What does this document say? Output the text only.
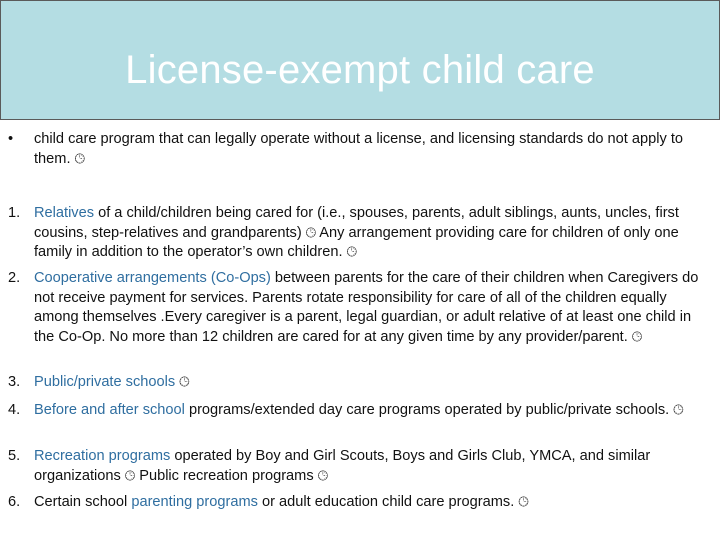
License-exempt child care
• child care program that can legally operate without a license, and licensing standards do not apply to them. 🕒︎
1. Relatives of a child/children being cared for (i.e., spouses, parents, adult siblings, aunts, uncles, first cousins, step-relatives and grandparents) 🕒︎ Any arrangement providing care for children of only one family in addition to the operator’s own children. 🕒︎
2. Cooperative arrangements (Co-Ops) between parents for the care of their children when Caregivers do not receive payment for services. Parents rotate responsibility for care of all of the children equally among themselves .Every caregiver is a parent, legal guardian, or adult relative of at least one child in the Co-Op. No more than 12 children are cared for at any given time by any provider/parent. 🕒︎
3. Public/private schools 🕒︎
4. Before and after school programs/extended day care programs operated by public/private schools. 🕒︎
5. Recreation programs operated by Boy and Girl Scouts, Boys and Girls Club, YMCA, and similar organizations 🕒︎ Public recreation programs 🕒︎
6. Certain school parenting programs or adult education child care programs. 🕒︎
